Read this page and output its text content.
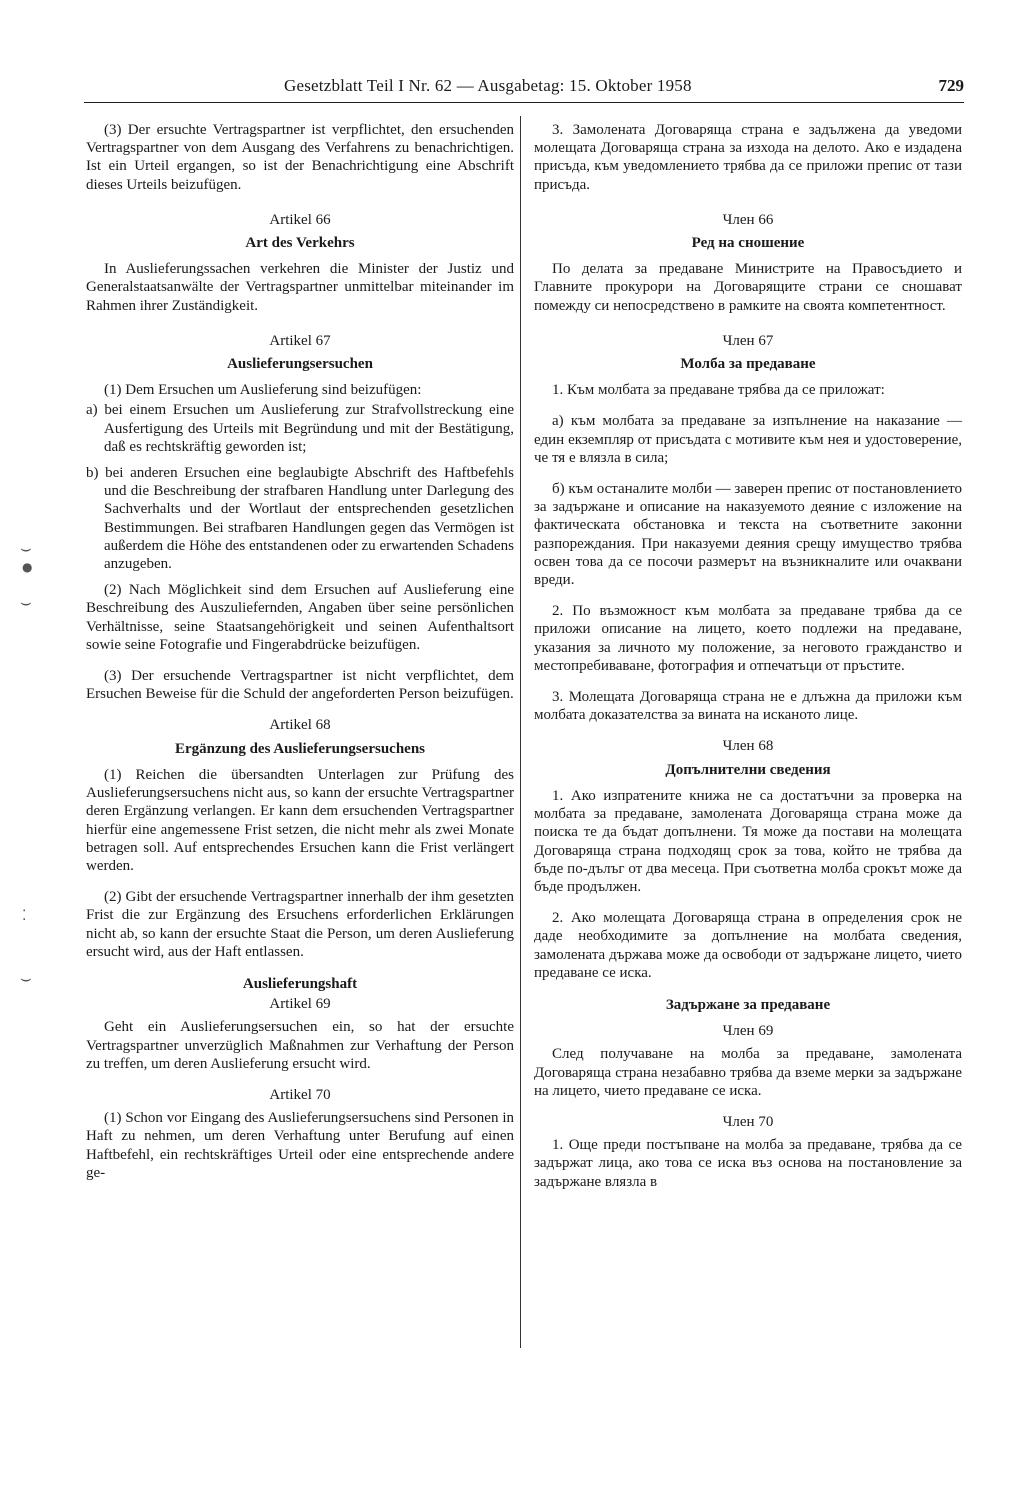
Gesetzblatt Teil I Nr. 62 — Ausgabetag: 15. Oktober 1958	729
⌣
●
⌣
⁚
⌣

(3) Der ersuchte Vertragspartner ist verpflichtet, den ersuchenden Vertragspartner von dem Ausgang des Verfahrens zu benachrichtigen. Ist ein Urteil ergangen, so ist der Benachrichtigung eine Abschrift dieses Urteils beizufügen.

Artikel 66
Art des Verkehrs

In Auslieferungssachen verkehren die Minister der Justiz und Generalstaatsanwälte der Vertragspartner unmittelbar miteinander im Rahmen ihrer Zuständigkeit.

Artikel 67
Auslieferungsersuchen

(1) Dem Ersuchen um Auslieferung sind beizufügen:

a) bei einem Ersuchen um Auslieferung zur Strafvollstreckung eine Ausfertigung des Urteils mit Begründung und mit der Bestätigung, daß es rechtskräftig geworden ist;

b) bei anderen Ersuchen eine beglaubigte Abschrift des Haftbefehls und die Beschreibung der strafbaren Handlung unter Darlegung des Sachverhalts und der Wortlaut der entsprechenden gesetzlichen Bestimmungen. Bei strafbaren Handlungen gegen das Vermögen ist außerdem die Höhe des entstandenen oder zu erwartenden Schadens anzugeben.

(2) Nach Möglichkeit sind dem Ersuchen auf Auslieferung eine Beschreibung des Auszuliefernden, Angaben über seine persönlichen Verhältnisse, seine Staatsangehörigkeit und seinen Aufenthaltsort sowie seine Fotografie und Fingerabdrücke beizufügen.

(3) Der ersuchende Vertragspartner ist nicht verpflichtet, dem Ersuchen Beweise für die Schuld der angeforderten Person beizufügen.

Artikel 68
Ergänzung des Auslieferungsersuchens

(1) Reichen die übersandten Unterlagen zur Prüfung des Auslieferungsersuchens nicht aus, so kann der ersuchte Vertragspartner deren Ergänzung verlangen. Er kann dem ersuchenden Vertragspartner hierfür eine angemessene Frist setzen, die nicht mehr als zwei Monate betragen soll. Auf entsprechendes Ersuchen kann die Frist verlängert werden.

(2) Gibt der ersuchende Vertragspartner innerhalb der ihm gesetzten Frist die zur Ergänzung des Ersuchens erforderlichen Erklärungen nicht ab, so kann der ersuchte Staat die Person, um deren Auslieferung ersucht wird, aus der Haft entlassen.

Auslieferungshaft
Artikel 69

Geht ein Auslieferungsersuchen ein, so hat der ersuchte Vertragspartner unverzüglich Maßnahmen zur Verhaftung der Person zu treffen, um deren Auslieferung ersucht wird.

Artikel 70

(1) Schon vor Eingang des Auslieferungsersuchens sind Personen in Haft zu nehmen, um deren Verhaftung unter Berufung auf einen Haftbefehl, ein rechtskräftiges Urteil oder eine entsprechende andere ge-

3. Замолената Договаряща страна е задължена да уведоми молещата Договаряща страна за изхода на делото. Ако е издадена присъда, към уведомлението трябва да се приложи препис от тази присъда.

Член 66
Ред на сношение

По делата за предаване Министрите на Правосъдието и Главните прокурори на Договарящите страни се сношават помежду си непосредствено в рамките на своята компетентност.

Член 67
Молба за предаване

1. Към молбата за предаване трябва да се приложат:

а) към молбата за предаване за изпълнение на наказание — един екземпляр от присъдата с мотивите към нея и удостоверение, че тя е влязла в сила;

б) към останалите молби — заверен препис от постановлението за задържане и описание на наказуемото деяние с изложение на фактическата обстановка и текста на съответните законни разпореждания. При наказуеми деяния срещу имущество трябва освен това да се посочи размерът на възникналите или очаквани вреди.

2. По възможност към молбата за предаване трябва да се приложи описание на лицето, което подлежи на предаване, указания за личното му положение, за неговото гражданство и местопребиваване, фотография и отпечатъци от пръстите.

3. Молещата Договаряща страна не е длъжна да приложи към молбата доказателства за вината на исканото лице.

Член 68
Допълнителни сведения

1. Ако изпратените книжа не са достатъчни за проверка на молбата за предаване, замолената Договаряща страна може да поиска те да бъдат допълнени. Тя може да постави на молещата Договаряща страна подходящ срок за това, който не трябва да бъде по-дълъг от два месеца. При съответна молба срокът може да бъде продължен.

2. Ако молещата Договаряща страна в определения срок не даде необходимите за допълнение на молбата сведения, замолената държава може да освободи от задържане лицето, чието предаване се иска.

Задържане за предаване
Член 69

След получаване на молба за предаване, замолената Договаряща страна незабавно трябва да вземе мерки за задържане на лицето, чието предаване се иска.

Член 70

1. Още преди постъпване на молба за предаване, трябва да се задържат лица, ако това се иска въз основа на постановление за задържане влязла в
